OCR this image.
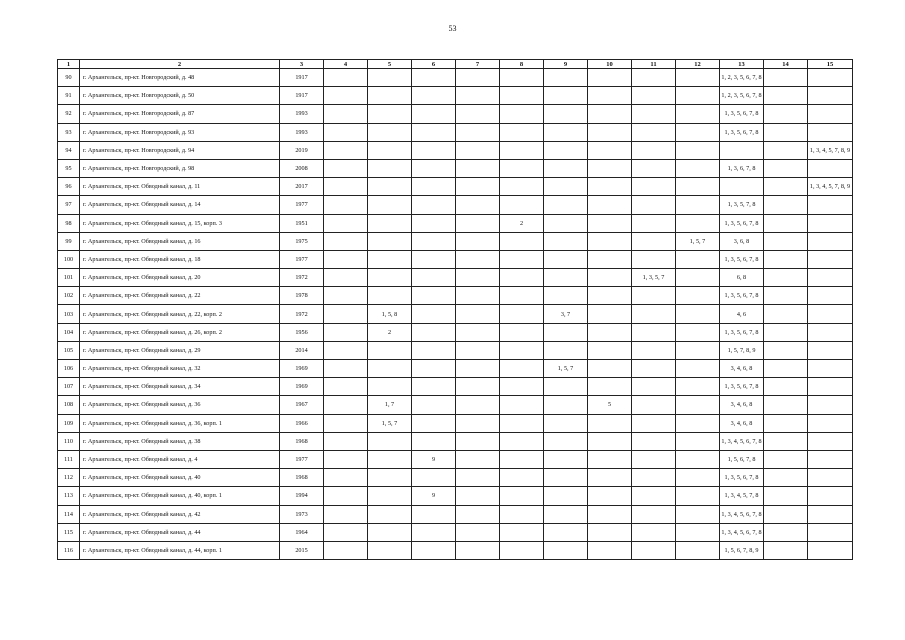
53
1	2	3	4	5	6	7	8	9	10	11	12	13	14	15
90	г. Архангельск, пр-кт. Новгородский, д. 48	1917										1, 2, 3, 5, 6, 7, 8		
91	г. Архангельск, пр-кт. Новгородский, д. 50	1917										1, 2, 3, 5, 6, 7, 8		
92	г. Архангельск, пр-кт. Новгородский, д. 87	1993										1, 3, 5, 6, 7, 8		
93	г. Архангельск, пр-кт. Новгородский, д. 93	1993										1, 3, 5, 6, 7, 8		
94	г. Архангельск, пр-кт. Новгородский, д. 94	2019												1, 3, 4, 5, 7, 8, 9
95	г. Архангельск, пр-кт. Новгородский, д. 98	2008										1, 3, 6, 7, 8		
96	г. Архангельск, пр-кт. Обводный канал, д. 11	2017												1, 3, 4, 5, 7, 8, 9
97	г. Архангельск, пр-кт. Обводный канал, д. 14	1977										1, 3, 5, 7, 8		
98	г. Архангельск, пр-кт. Обводный канал, д. 15, корп. 3	1951					2					1, 3, 5, 6, 7, 8		
99	г. Архангельск, пр-кт. Обводный канал, д. 16	1975									1, 5, 7	3, 6, 8		
100	г. Архангельск, пр-кт. Обводный канал, д. 18	1977										1, 3, 5, 6, 7, 8		
101	г. Архангельск, пр-кт. Обводный канал, д. 20	1972								1, 3, 5, 7		6, 8		
102	г. Архангельск, пр-кт. Обводный канал, д. 22	1978										1, 3, 5, 6, 7, 8		
103	г. Архангельск, пр-кт. Обводный канал, д. 22, корп. 2	1972		1, 5, 8				3, 7				4, 6		
104	г. Архангельск, пр-кт. Обводный канал, д. 26, корп. 2	1956		2								1, 3, 5, 6, 7, 8		
105	г. Архангельск, пр-кт. Обводный канал, д. 29	2014										1, 5, 7, 8, 9		
106	г. Архангельск, пр-кт. Обводный канал, д. 32	1969						1, 5, 7				3, 4, 6, 8		
107	г. Архангельск, пр-кт. Обводный канал, д. 34	1969										1, 3, 5, 6, 7, 8		
108	г. Архангельск, пр-кт. Обводный канал, д. 36	1967		1, 7					5			3, 4, 6, 8		
109	г. Архангельск, пр-кт. Обводный канал, д. 36, корп. 1	1966		1, 5, 7								3, 4, 6, 8		
110	г. Архангельск, пр-кт. Обводный канал, д. 38	1968										1, 3, 4, 5, 6, 7, 8		
111	г. Архангельск, пр-кт. Обводный канал, д. 4	1977			9							1, 5, 6, 7, 8		
112	г. Архангельск, пр-кт. Обводный канал, д. 40	1968										1, 3, 5, 6, 7, 8		
113	г. Архангельск, пр-кт. Обводный канал, д. 40, корп. 1	1994			9							1, 3, 4, 5, 7, 8		
114	г. Архангельск, пр-кт. Обводный канал, д. 42	1973										1, 3, 4, 5, 6, 7, 8		
115	г. Архангельск, пр-кт. Обводный канал, д. 44	1964										1, 3, 4, 5, 6, 7, 8		
116	г. Архангельск, пр-кт. Обводный канал, д. 44, корп. 1	2015										1, 5, 6, 7, 8, 9		
